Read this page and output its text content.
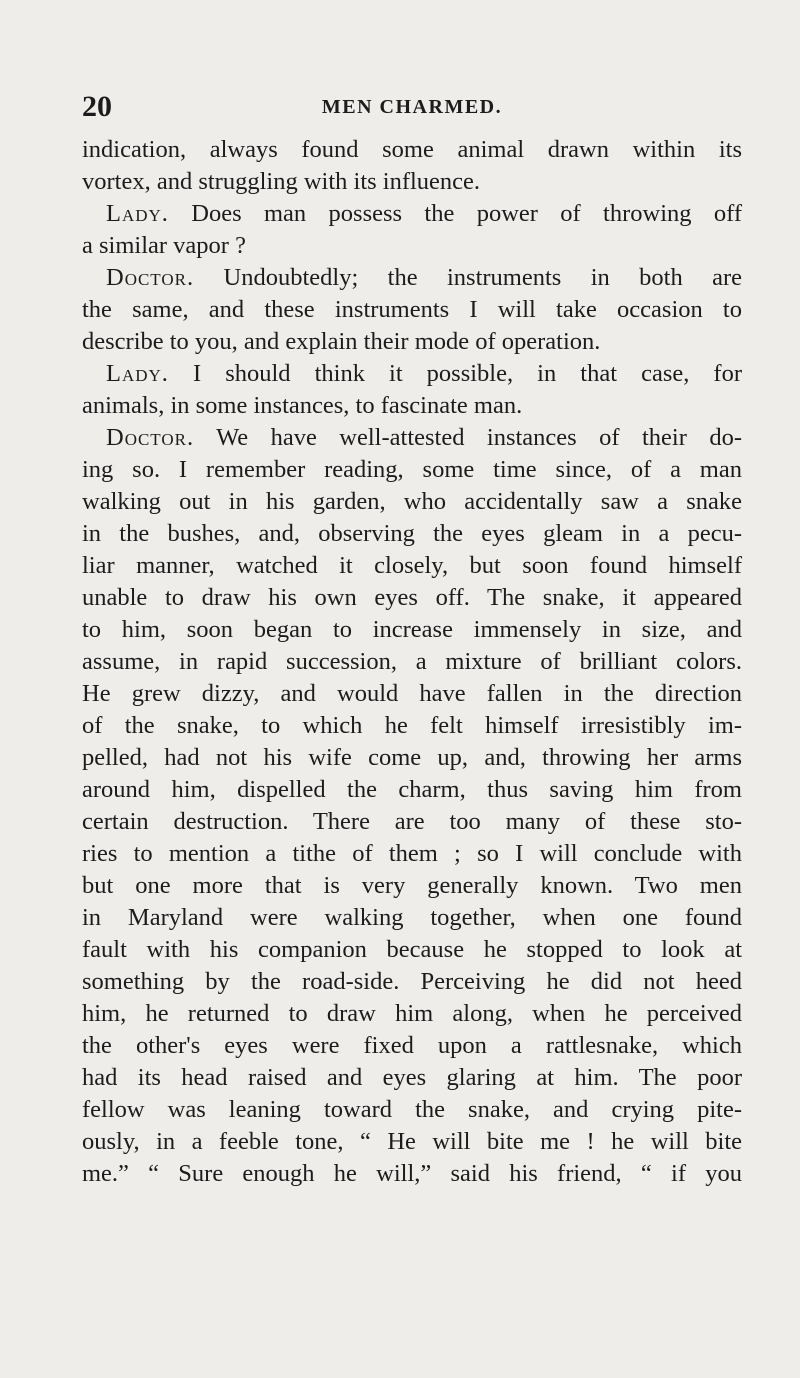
20	MEN CHARMED.
indication, always found some animal drawn within its
vortex, and struggling with its influence.
Lady. Does man possess the power of throwing off
a similar vapor ?
Doctor. Undoubtedly; the instruments in both are
the same, and these instruments I will take occasion to
describe to you, and explain their mode of operation.
Lady. I should think it possible, in that case, for
animals, in some instances, to fascinate man.
Doctor. We have well-attested instances of their do-
ing so. I remember reading, some time since, of a man
walking out in his garden, who accidentally saw a snake
in the bushes, and, observing the eyes gleam in a pecu-
liar manner, watched it closely, but soon found himself
unable to draw his own eyes off. The snake, it appeared
to him, soon began to increase immensely in size, and
assume, in rapid succession, a mixture of brilliant colors.
He grew dizzy, and would have fallen in the direction
of the snake, to which he felt himself irresistibly im-
pelled, had not his wife come up, and, throwing her arms
around him, dispelled the charm, thus saving him from
certain destruction. There are too many of these sto-
ries to mention a tithe of them ; so I will conclude with
but one more that is very generally known. Two men
in Maryland were walking together, when one found
fault with his companion because he stopped to look at
something by the road-side. Perceiving he did not heed
him, he returned to draw him along, when he perceived
the other's eyes were fixed upon a rattlesnake, which
had its head raised and eyes glaring at him. The poor
fellow was leaning toward the snake, and crying pite-
ously, in a feeble tone, “ He will bite me ! he will bite
me.” “ Sure enough he will,” said his friend, “ if you
